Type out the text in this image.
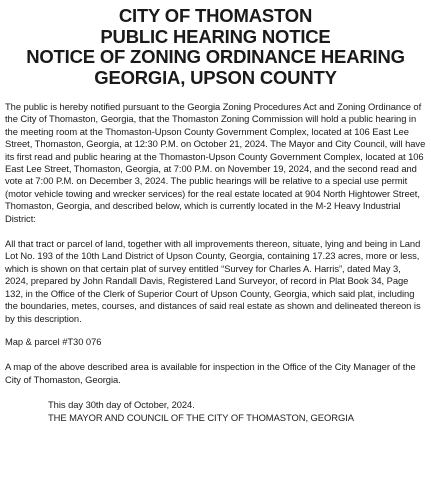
CITY OF THOMASTON
PUBLIC HEARING NOTICE
NOTICE OF ZONING ORDINANCE HEARING
GEORGIA, UPSON COUNTY

The public is hereby notified pursuant to the Georgia Zoning Procedures Act and Zoning Ordinance of the City of Thomaston, Georgia, that the Thomaston Zoning Commission will hold a public hearing in the meeting room at the Thomaston-Upson County Government Complex, located at 106 East Lee Street, Thomaston, Georgia, at 12:30 P.M. on October 21, 2024. The Mayor and City Council, will have its first read and public hearing at the Thomaston-Upson County Government Complex, located at 106 East Lee Street, Thomaston, Georgia, at 7:00 P.M. on November 19, 2024, and the second read and vote at 7:00 P.M. on December 3, 2024. The public hearings will be relative to a special use permit (motor vehicle towing and wrecker services) for the real estate located at 904 North Hightower Street, Thomaston, Georgia, and described below, which is currently located in the M-2 Heavy Industrial District:

All that tract or parcel of land, together with all improvements thereon, situate, lying and being in Land Lot No. 193 of the 10th Land District of Upson County, Georgia, containing 17.23 acres, more or less, which is shown on that certain plat of survey entitled “Survey for Charles A. Harris”, dated May 3, 2024, prepared by John Randall Davis, Registered Land Surveyor, of record in Plat Book 34, Page 132, in the Office of the Clerk of Superior Court of Upson County, Georgia, which said plat, including the boundaries, metes, courses, and distances of said real estate as shown and delineated thereon is by this description.

Map & parcel #T30 076

A map of the above described area is available for inspection in the Office of the City Manager of the City of Thomaston, Georgia.

This day 30th day of October, 2024.

THE MAYOR AND COUNCIL OF THE CITY OF THOMASTON, GEORGIA
